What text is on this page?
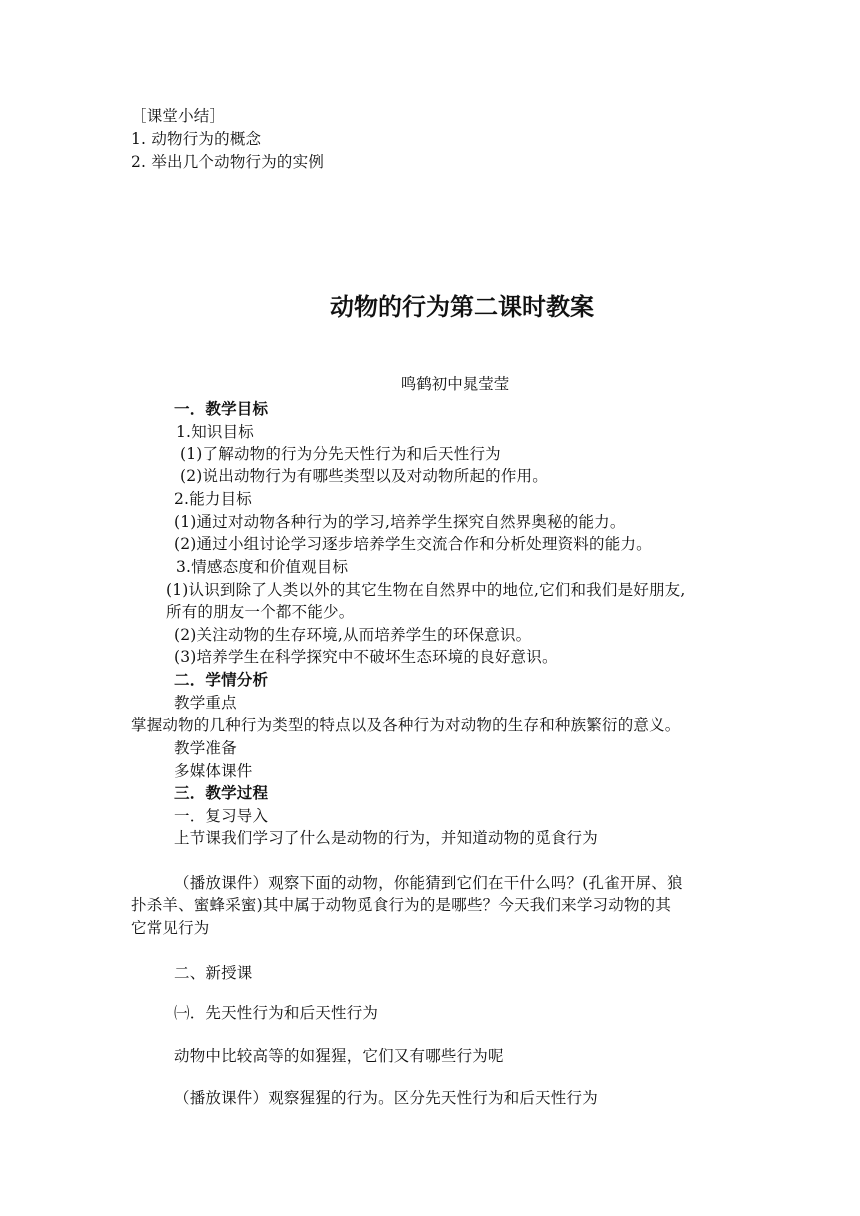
［课堂小结］
1. 动物行为的概念
2. 举出几个动物行为的实例
动物的行为第二课时教案
鸣鹤初中晁莹莹
一．教学目标
1.知识目标
(1)了解动物的行为分先天性行为和后天性行为
(2)说出动物行为有哪些类型以及对动物所起的作用。
2.能力目标
(1)通过对动物各种行为的学习,培养学生探究自然界奥秘的能力。
(2)通过小组讨论学习逐步培养学生交流合作和分析处理资料的能力。
3.情感态度和价值观目标
(1)认识到除了人类以外的其它生物在自然界中的地位,它们和我们是好朋友,
所有的朋友一个都不能少。
(2)关注动物的生存环境,从而培养学生的环保意识。
(3)培养学生在科学探究中不破坏生态环境的良好意识。
二．学情分析
教学重点
掌握动物的几种行为类型的特点以及各种行为对动物的生存和种族繁衍的意义。
教学准备
多媒体课件
三．教学过程
一．复习导入
上节课我们学习了什么是动物的行为，并知道动物的觅食行为
（播放课件）观察下面的动物，你能猜到它们在干什么吗？(孔雀开屏、狼
扑杀羊、蜜蜂采蜜)其中属于动物觅食行为的是哪些？今天我们来学习动物的其
它常见行为
二、新授课
㈠．先天性行为和后天性行为
动物中比较高等的如猩猩，它们又有哪些行为呢
（播放课件）观察猩猩的行为。区分先天性行为和后天性行为
